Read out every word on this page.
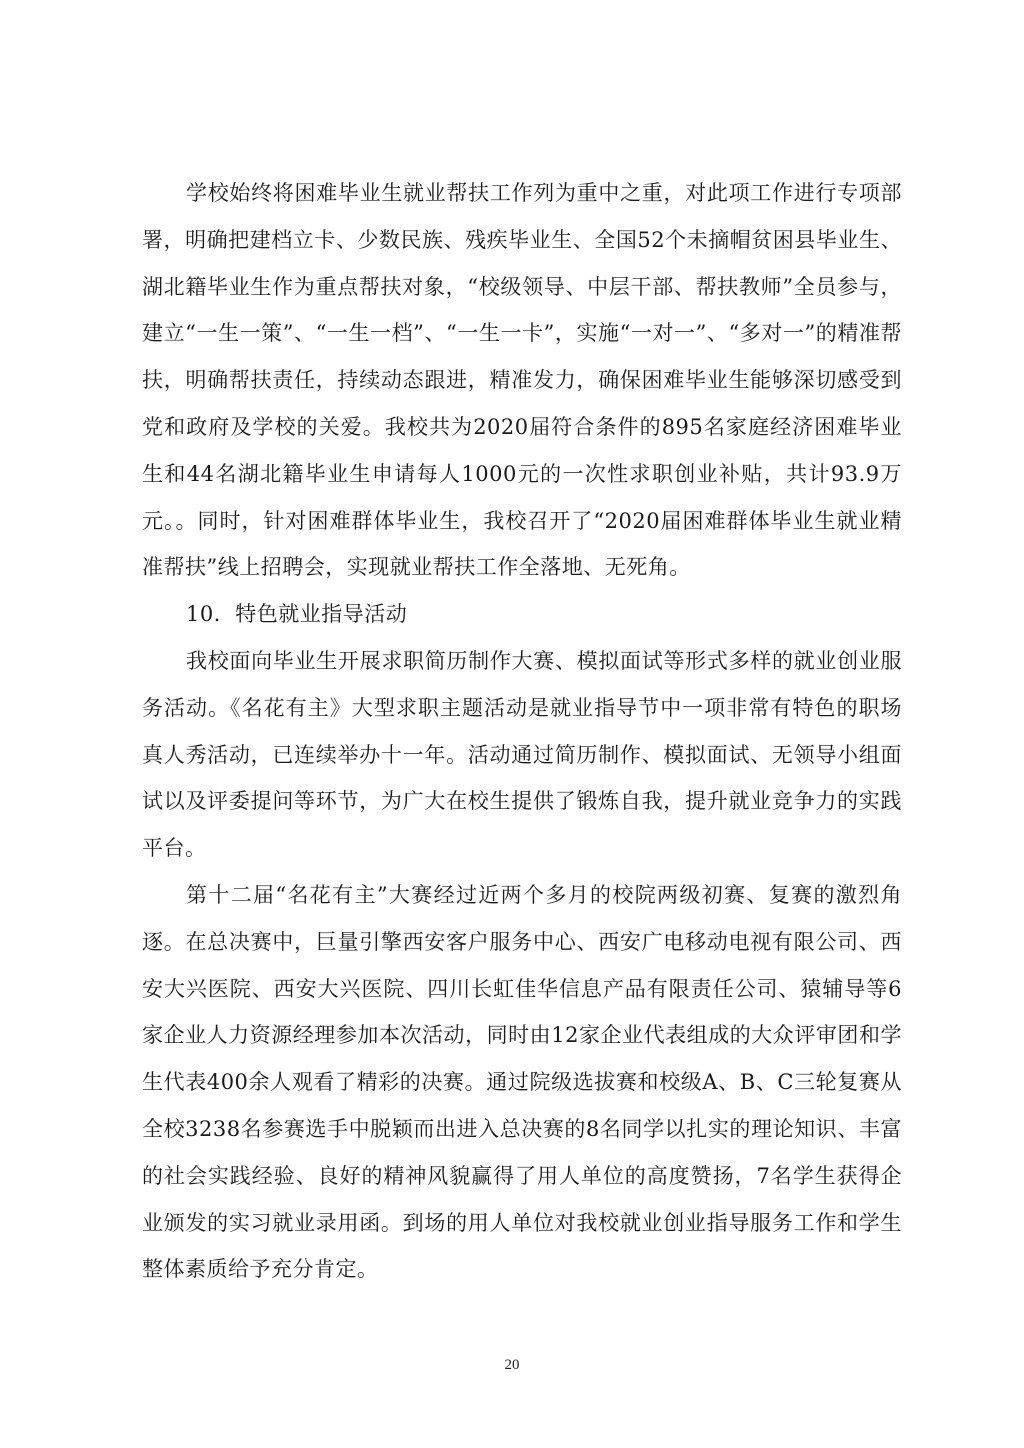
学校始终将困难毕业生就业帮扶工作列为重中之重，对此项工作进行专项部署，明确把建档立卡、少数民族、残疾毕业生、全国52个未摘帽贫困县毕业生、湖北籍毕业生作为重点帮扶对象，“校级领导、中层干部、帮扶教师”全员参与，建立“一生一策”、“一生一档”、“一生一卡”，实施“一对一”、“多对一”的精准帮扶，明确帮扶责任，持续动态跟进，精准发力，确保困难毕业生能够深切感受到党和政府及学校的关爱。我校共为2020届符合条件的895名家庭经济困难毕业生和44名湖北籍毕业生申请每人1000元的一次性求职创业补贴，共计93.9万元。。同时，针对困难群体毕业生，我校召开了“2020届困难群体毕业生就业精准帮扶”线上招聘会，实现就业帮扶工作全落地、无死角。

10．特色就业指导活动

我校面向毕业生开展求职简历制作大赛、模拟面试等形式多样的就业创业服务活动。《名花有主》大型求职主题活动是就业指导节中一项非常有特色的职场真人秀活动，已连续举办十一年。活动通过简历制作、模拟面试、无领导小组面试以及评委提问等环节，为广大在校生提供了锻炼自我，提升就业竞争力的实践平台。

第十二届“名花有主”大赛经过近两个多月的校院两级初赛、复赛的激烈角逐。在总决赛中，巨量引擎西安客户服务中心、西安广电移动电视有限公司、西安大兴医院、西安大兴医院、四川长虹佳华信息产品有限责任公司、猿辅导等6家企业人力资源经理参加本次活动，同时由12家企业代表组成的大众评审团和学生代表400余人观看了精彩的决赛。通过院级选拔赛和校级A、B、C三轮复赛从全校3238名参赛选手中脱颖而出进入总决赛的8名同学以扎实的理论知识、丰富的社会实践经验、良好的精神风貌赢得了用人单位的高度赞扬，7名学生获得企业颁发的实习就业录用函。到场的用人单位对我校就业创业指导服务工作和学生整体素质给予充分肯定。

20
